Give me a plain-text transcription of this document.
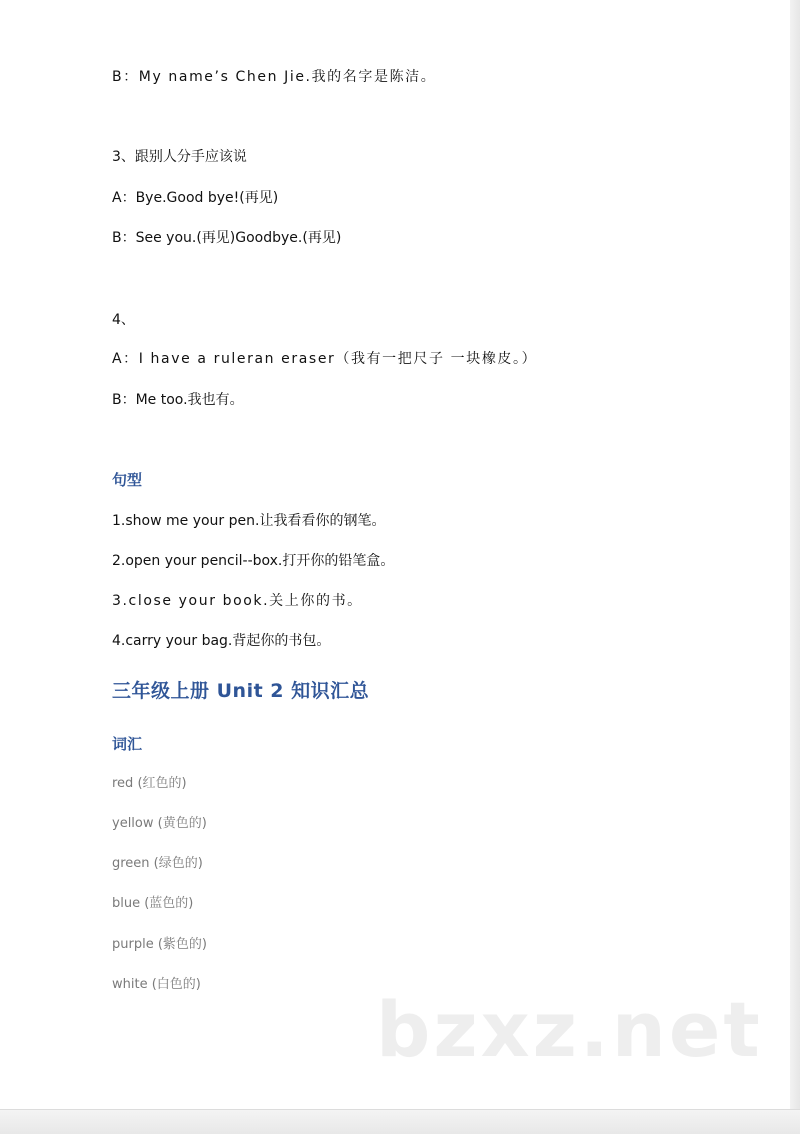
B：My name’s Chen Jie.我的名字是陈洁。
3、跟别人分手应该说
A：Bye.Good bye!(再见)
B：See you.(再见)Goodbye.(再见)
4、
A：I have a ruleran eraser（我有一把尺子 一块橡皮。）
B：Me too.我也有。
句型
1.show me your pen.让我看看你的钢笔。
2.open your pencil--box.打开你的铅笔盒。
3.close your book.关上你的书。
4.carry your bag.背起你的书包。
三年级上册 Unit 2 知识汇总
词汇
red (红色的)
yellow (黄色的)
green (绿色的)
blue (蓝色的)
purple (紫色的)
white (白色的)
bzxz.net
